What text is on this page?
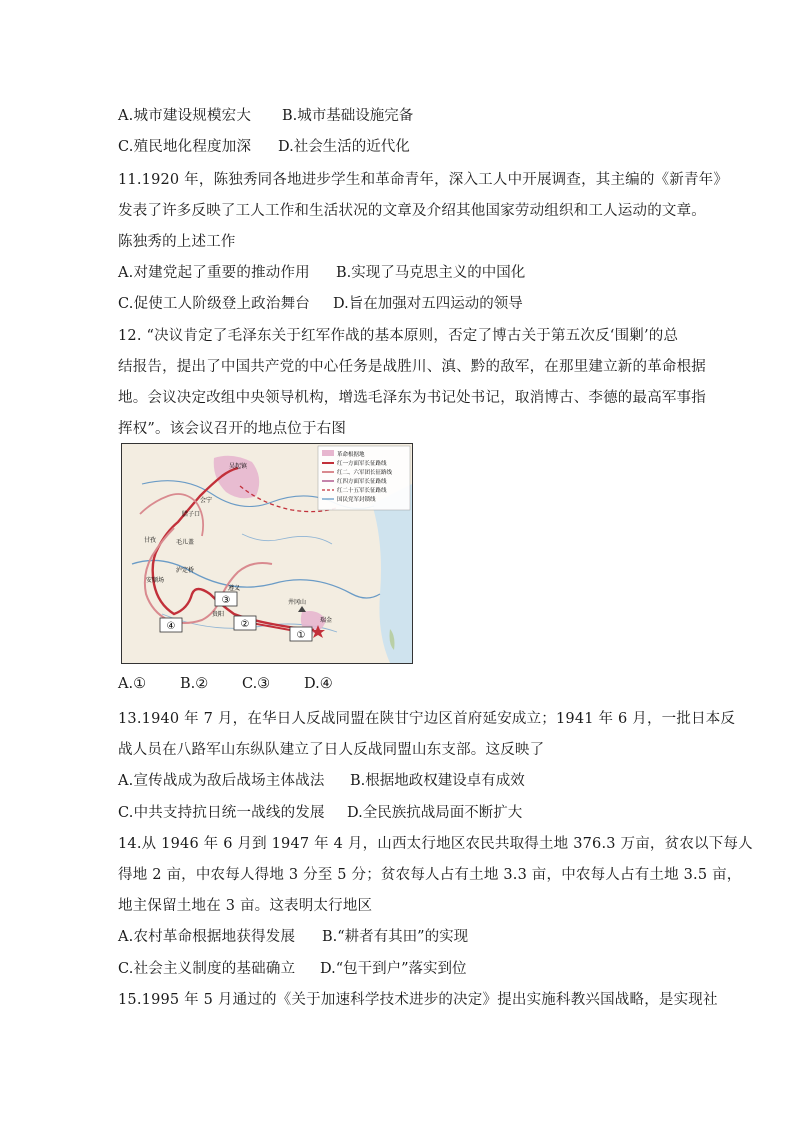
A.城市建设规模宏大 B.城市基础设施完备
C.殖民地化程度加深 D.社会生活的近代化
11.1920 年，陈独秀同各地进步学生和革命青年，深入工人中开展调查，其主编的《新青年》
发表了许多反映了工人工作和生活状况的文章及介绍其他国家劳动组织和工人运动的文章。
陈独秀的上述工作
A.对建党起了重要的推动作用 B.实现了马克思主义的中国化
C.促使工人阶级登上政治舞台 D.旨在加强对五四运动的领导
12. “决议肯定了毛泽东关于红军作战的基本原则，否定了博古关于第五次反‘围剿’的总
结报告，提出了中国共产党的中心任务是战胜川、滇、黔的敌军，在那里建立新的革命根据
地。会议决定改组中央领导机构，增选毛泽东为书记处书记，取消博古、李德的最高军事指
挥权”。该会议召开的地点位于右图
①
②
③
④
吴起镇
会宁
腊子口
甘孜	毛儿盖
泸定桥
安顺场
遵义
贵阳
井冈山
瑞金
革命根据地
红一方面军长征路线
红二、六军团长征路线
红四方面军长征路线
红二十五军长征路线
国民党军封锁线
A.① B.② C.③ D.④
13.1940 年 7 月，在华日人反战同盟在陕甘宁边区首府延安成立；1941 年 6 月，一批日本反
战人员在八路军山东纵队建立了日人反战同盟山东支部。这反映了
A.宣传战成为敌后战场主体战法 B.根据地政权建设卓有成效
C.中共支持抗日统一战线的发展 D.全民族抗战局面不断扩大
14.从 1946 年 6 月到 1947 年 4 月，山西太行地区农民共取得土地 376.3 万亩，贫农以下每人
得地 2 亩，中农每人得地 3 分至 5 分；贫农每人占有土地 3.3 亩，中农每人占有土地 3.5 亩，
地主保留土地在 3 亩。这表明太行地区
A.农村革命根据地获得发展 B.“耕者有其田”的实现
C.社会主义制度的基础确立 D.“包干到户”落实到位
15.1995 年 5 月通过的《关于加速科学技术进步的决定》提出实施科教兴国战略，是实现社
